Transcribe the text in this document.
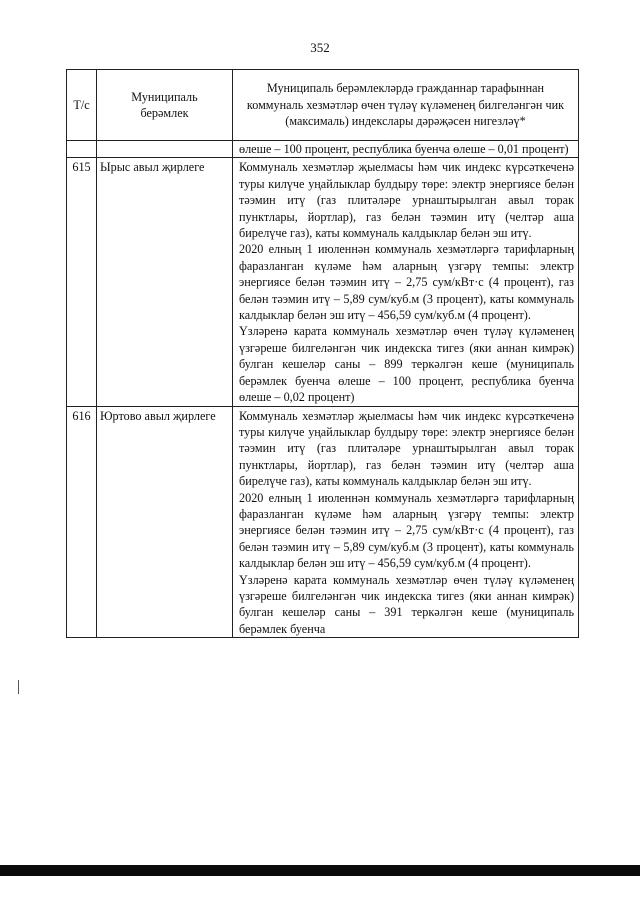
352
Т/с	Муниципаль берәмлек	Муниципаль берәмлекләрдә гражданнар тарафыннан коммуналь хезмәтләр өчен түләү күләменең билгеләнгән чик (максималь) индекслары дәрәҗәсен нигезләү*
		өлеше – 100 процент, республика буенча өлеше – 0,01 процент)
615	Ырыс авыл җирлеге	Коммуналь хезмәтләр җыелмасы һәм чик индекс күрсәткеченә туры килүче уңайлыклар булдыру төре: электр энергиясе белән тәэмин итү (газ плитәләре урнаштырылган авыл торак пунктлары, йортлар), газ белән тәэмин итү (челтәр аша бирелүче газ), каты коммуналь калдыклар белән эш итү.

2020 елның 1 июленнән коммуналь хезмәтләргә тарифларның фаразланган күләме һәм аларның үзгәрү темпы: электр энергиясе белән тәэмин итү – 2,75 сум/кВт·с (4 процент), газ белән тәэмин итү – 5,89 сум/куб.м (3 процент), каты коммуналь калдыклар белән эш итү – 456,59 сум/куб.м (4 процент).

Үзләренә карата коммуналь хезмәтләр өчен түләү күләменең үзгәреше билгеләнгән чик индекска тигез (яки аннан кимрәк) булган кешеләр саны – 899 теркәлгән кеше (муниципаль берәмлек буенча өлеше – 100 процент, республика буенча өлеше – 0,02 процент)

616	Юртово авыл җирлеге	Коммуналь хезмәтләр җыелмасы һәм чик индекс күрсәткеченә туры килүче уңайлыклар булдыру төре: электр энергиясе белән тәэмин итү (газ плитәләре урнаштырылган авыл торак пунктлары, йортлар), газ белән тәэмин итү (челтәр аша бирелүче газ), каты коммуналь калдыклар белән эш итү.

2020 елның 1 июленнән коммуналь хезмәтләргә тарифларның фаразланган күләме һәм аларның үзгәрү темпы: электр энергиясе белән тәэмин итү – 2,75 сум/кВт·с (4 процент), газ белән тәэмин итү – 5,89 сум/куб.м (3 процент), каты коммуналь калдыклар белән эш итү – 456,59 сум/куб.м (4 процент).

Үзләренә карата коммуналь хезмәтләр өчен түләү күләменең үзгәреше билгеләнгән чик индекска тигез (яки аннан кимрәк) булган кешеләр саны – 391 теркәлгән кеше (муниципаль берәмлек буенча
